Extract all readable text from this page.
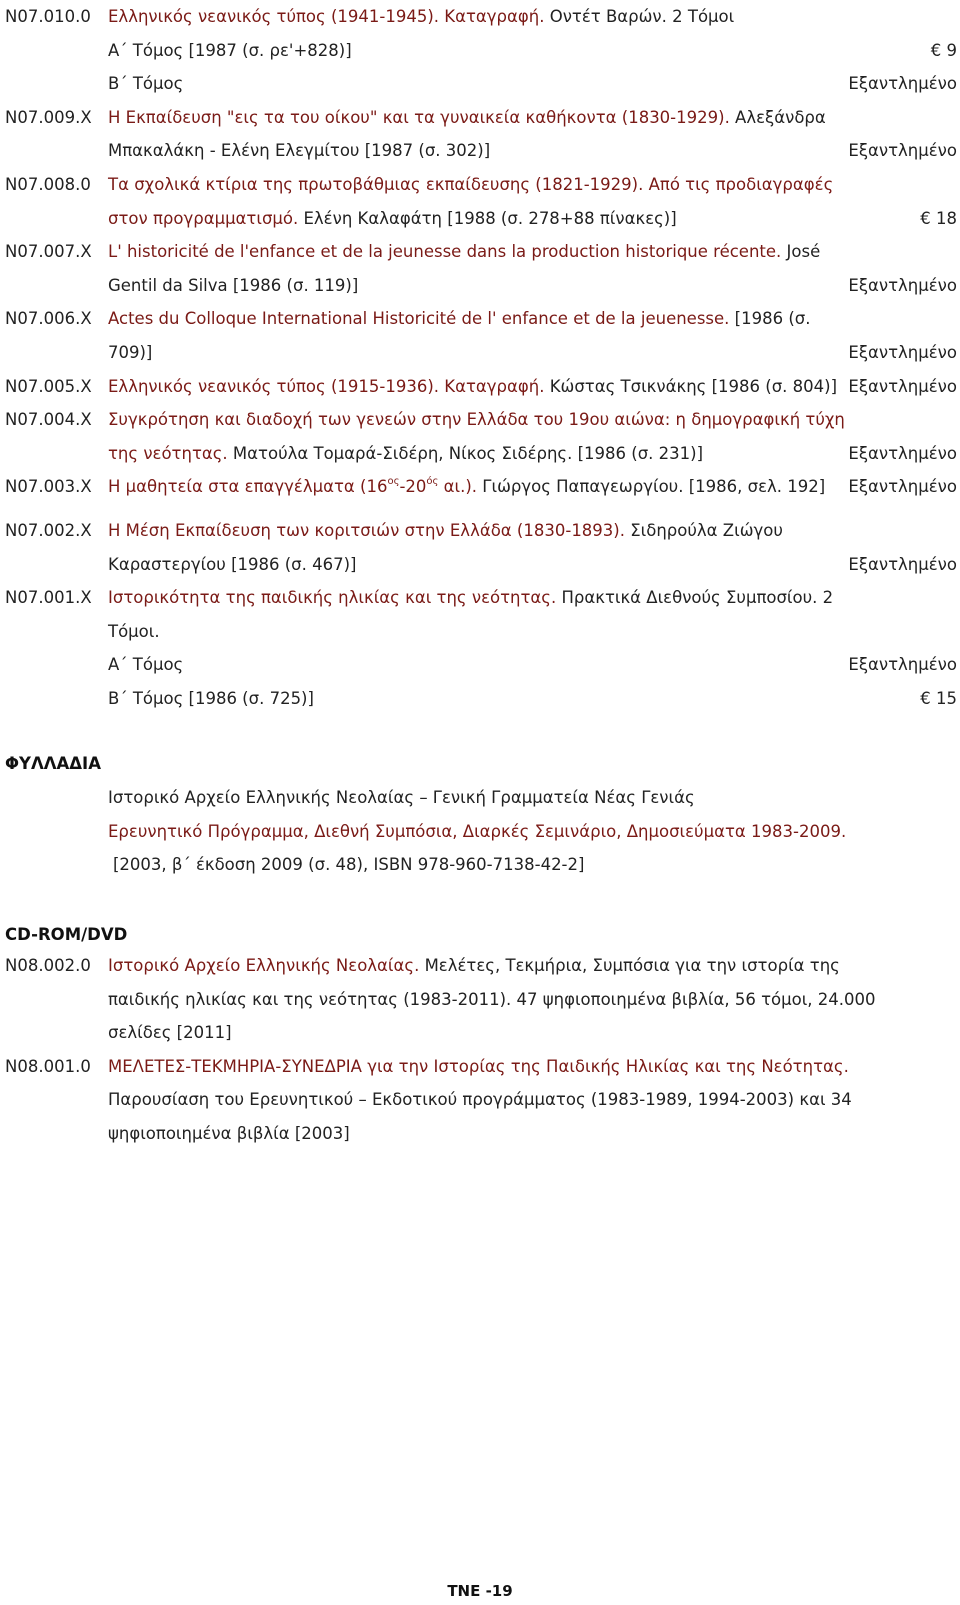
N07.010.0 Ελληνικός νεανικός τύπος (1941-1945). Καταγραφή. Οντέτ Βαρών. 2 Τόμοι
Α΄ Τόμος [1987 (σ. ρε'+828)]	€ 9
Β΄ Τόμος	Εξαντλημένο
N07.009.Χ Η Εκπαίδευση "εις τα του οίκου" και τα γυναικεία καθήκοντα (1830-1929). Αλεξάνδρα
Μπακαλάκη - Ελένη Ελεγμίτου [1987 (σ. 302)]	Εξαντλημένο
N07.008.0 Τα σχολικά κτίρια της πρωτοβάθμιας εκπαίδευσης (1821-1929). Από τις προδιαγραφές
στον προγραμματισμό. Ελένη Καλαφάτη [1988 (σ. 278+88 πίνακες)]	€ 18
N07.007.Χ L' historicité de l'enfance et de la jeunesse dans la production historique récente. José
Gentil da Silva [1986 (σ. 119)]	Εξαντλημένο
N07.006.Χ Actes du Colloque International Historicité de l' enfance et de la jeuenesse. [1986 (σ.
709)]	Εξαντλημένο
N07.005.Χ Ελληνικός νεανικός τύπος (1915-1936). Καταγραφή. Κώστας Τσικνάκης [1986 (σ. 804)] Εξαντλημένο
N07.004.Χ Συγκρότηση και διαδοχή των γενεών στην Ελλάδα του 19ου αιώνα: η δημογραφική τύχη
της νεότητας. Ματούλα Τομαρά-Σιδέρη, Νίκος Σιδέρης. [1986 (σ. 231)]	Εξαντλημένο
N07.003.Χ Η μαθητεία στα επαγγέλματα ($16^{o\varsigma}-20^{ό\varsigma}$ αι.). Γιώργος Παπαγεωργίου. [1986, σελ. 192] Εξαντλημένο
N07.002.Χ Η Μέση Εκπαίδευση των κοριτσιών στην Ελλάδα (1830-1893). Σιδηρούλα Ζιώγου
Καραστεργίου [1986 (σ. 467)]	Εξαντλημένο
N07.001.Χ Ιστορικότητα της παιδικής ηλικίας και της νεότητας. Πρακτικά Διεθνούς Συμποσίου. 2
Τόμοι.
Α΄ Τόμος	Εξαντλημένο
Β΄ Τόμος [1986 (σ. 725)]	€ 15
ΦΥΛΛΑΔΙΑ
Ιστορικό Αρχείο Ελληνικής Νεολαίας – Γενική Γραμματεία Νέας Γενιάς
Ερευνητικό Πρόγραμμα, Διεθνή Συμπόσια, Διαρκές Σεμινάριο, Δημοσιεύματα 1983-2009.
[2003, β΄ έκδοση 2009 (σ. 48), ISBN 978-960-7138-42-2]
CD-ROM/DVD
N08.002.0 Ιστορικό Αρχείο Ελληνικής Νεολαίας. Μελέτες, Τεκμήρια, Συμπόσια για την ιστορία της
παιδικής ηλικίας και της νεότητας (1983-2011). 47 ψηφιοποιημένα βιβλία, 56 τόμοι, 24.000
σελίδες [2011]
N08.001.0 ΜΕΛΕΤΕΣ-ΤΕΚΜΗΡΙΑ-ΣΥΝΕΔΡΙΑ για την Ιστορίας της Παιδικής Ηλικίας και της Νεότητας.
Παρουσίαση του Ερευνητικού – Εκδοτικού προγράμματος (1983-1989, 1994-2003) και 34
ψηφιοποιημένα βιβλία [2003]
ΤΝΕ -19
